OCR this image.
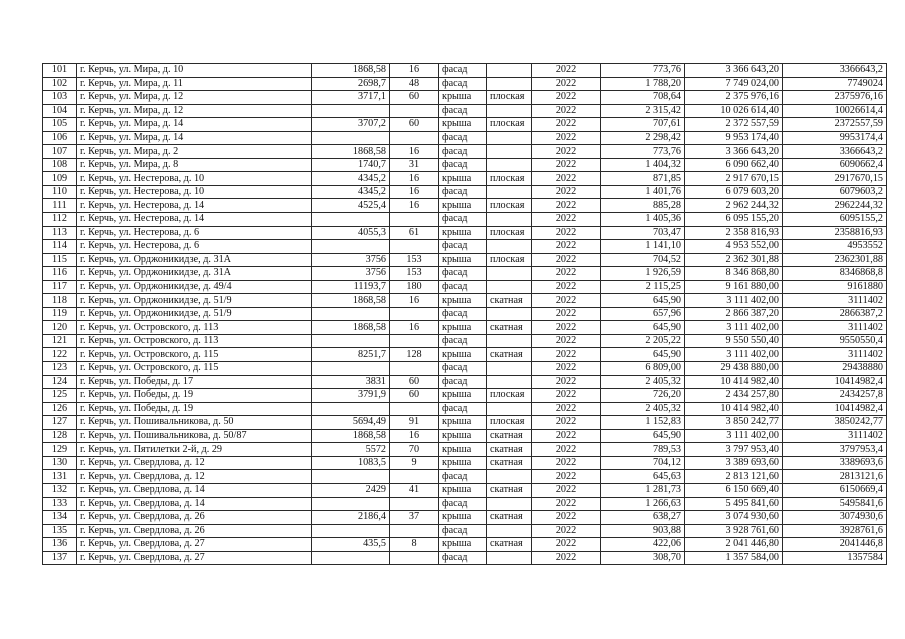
101	г. Керчь, ул. Мира, д. 10	1868,58	16	фасад		2022	773,76	3 366 643,20	3366643,2
102	г. Керчь, ул. Мира, д. 11	2698,7	48	фасад		2022	1 788,20	7 749 024,00	7749024
103	г. Керчь, ул. Мира, д. 12	3717,1	60	крыша	плоская	2022	708,64	2 375 976,16	2375976,16
104	г. Керчь, ул. Мира, д. 12			фасад		2022	2 315,42	10 026 614,40	10026614,4
105	г. Керчь, ул. Мира, д. 14	3707,2	60	крыша	плоская	2022	707,61	2 372 557,59	2372557,59
106	г. Керчь, ул. Мира, д. 14			фасад		2022	2 298,42	9 953 174,40	9953174,4
107	г. Керчь, ул. Мира, д. 2	1868,58	16	фасад		2022	773,76	3 366 643,20	3366643,2
108	г. Керчь, ул. Мира, д. 8	1740,7	31	фасад		2022	1 404,32	6 090 662,40	6090662,4
109	г. Керчь, ул. Нестерова, д. 10	4345,2	16	крыша	плоская	2022	871,85	2 917 670,15	2917670,15
110	г. Керчь, ул. Нестерова, д. 10	4345,2	16	фасад		2022	1 401,76	6 079 603,20	6079603,2
111	г. Керчь, ул. Нестерова, д. 14	4525,4	16	крыша	плоская	2022	885,28	2 962 244,32	2962244,32
112	г. Керчь, ул. Нестерова, д. 14			фасад		2022	1 405,36	6 095 155,20	6095155,2
113	г. Керчь, ул. Нестерова, д. 6	4055,3	61	крыша	плоская	2022	703,47	2 358 816,93	2358816,93
114	г. Керчь, ул. Нестерова, д. 6			фасад		2022	1 141,10	4 953 552,00	4953552
115	г. Керчь, ул. Орджоникидзе, д. 31А	3756	153	крыша	плоская	2022	704,52	2 362 301,88	2362301,88
116	г. Керчь, ул. Орджоникидзе, д. 31А	3756	153	фасад		2022	1 926,59	8 346 868,80	8346868,8
117	г. Керчь, ул. Орджоникидзе, д. 49/4	11193,7	180	фасад		2022	2 115,25	9 161 880,00	9161880
118	г. Керчь, ул. Орджоникидзе, д. 51/9	1868,58	16	крыша	скатная	2022	645,90	3 111 402,00	3111402
119	г. Керчь, ул. Орджоникидзе, д. 51/9			фасад		2022	657,96	2 866 387,20	2866387,2
120	г. Керчь, ул. Островского, д. 113	1868,58	16	крыша	скатная	2022	645,90	3 111 402,00	3111402
121	г. Керчь, ул. Островского, д. 113			фасад		2022	2 205,22	9 550 550,40	9550550,4
122	г. Керчь, ул. Островского, д. 115	8251,7	128	крыша	скатная	2022	645,90	3 111 402,00	3111402
123	г. Керчь, ул. Островского, д. 115			фасад		2022	6 809,00	29 438 880,00	29438880
124	г. Керчь, ул. Победы, д. 17	3831	60	фасад		2022	2 405,32	10 414 982,40	10414982,4
125	г. Керчь, ул. Победы, д. 19	3791,9	60	крыша	плоская	2022	726,20	2 434 257,80	2434257,8
126	г. Керчь, ул. Победы, д. 19			фасад		2022	2 405,32	10 414 982,40	10414982,4
127	г. Керчь, ул. Пошивальникова, д. 50	5694,49	91	крыша	плоская	2022	1 152,83	3 850 242,77	3850242,77
128	г. Керчь, ул. Пошивальникова, д. 50/87	1868,58	16	крыша	скатная	2022	645,90	3 111 402,00	3111402
129	г. Керчь, ул. Пятилетки 2-й, д. 29	5572	70	крыша	скатная	2022	789,53	3 797 953,40	3797953,4
130	г. Керчь, ул. Свердлова, д. 12	1083,5	9	крыша	скатная	2022	704,12	3 389 693,60	3389693,6
131	г. Керчь, ул. Свердлова, д. 12			фасад		2022	645,63	2 813 121,60	2813121,6
132	г. Керчь, ул. Свердлова, д. 14	2429	41	крыша	скатная	2022	1 281,73	6 150 669,40	6150669,4
133	г. Керчь, ул. Свердлова, д. 14			фасад		2022	1 266,63	5 495 841,60	5495841,6
134	г. Керчь, ул. Свердлова, д. 26	2186,4	37	крыша	скатная	2022	638,27	3 074 930,60	3074930,6
135	г. Керчь, ул. Свердлова, д. 26			фасад		2022	903,88	3 928 761,60	3928761,6
136	г. Керчь, ул. Свердлова, д. 27	435,5	8	крыша	скатная	2022	422,06	2 041 446,80	2041446,8
137	г. Керчь, ул. Свердлова, д. 27			фасад		2022	308,70	1 357 584,00	1357584
